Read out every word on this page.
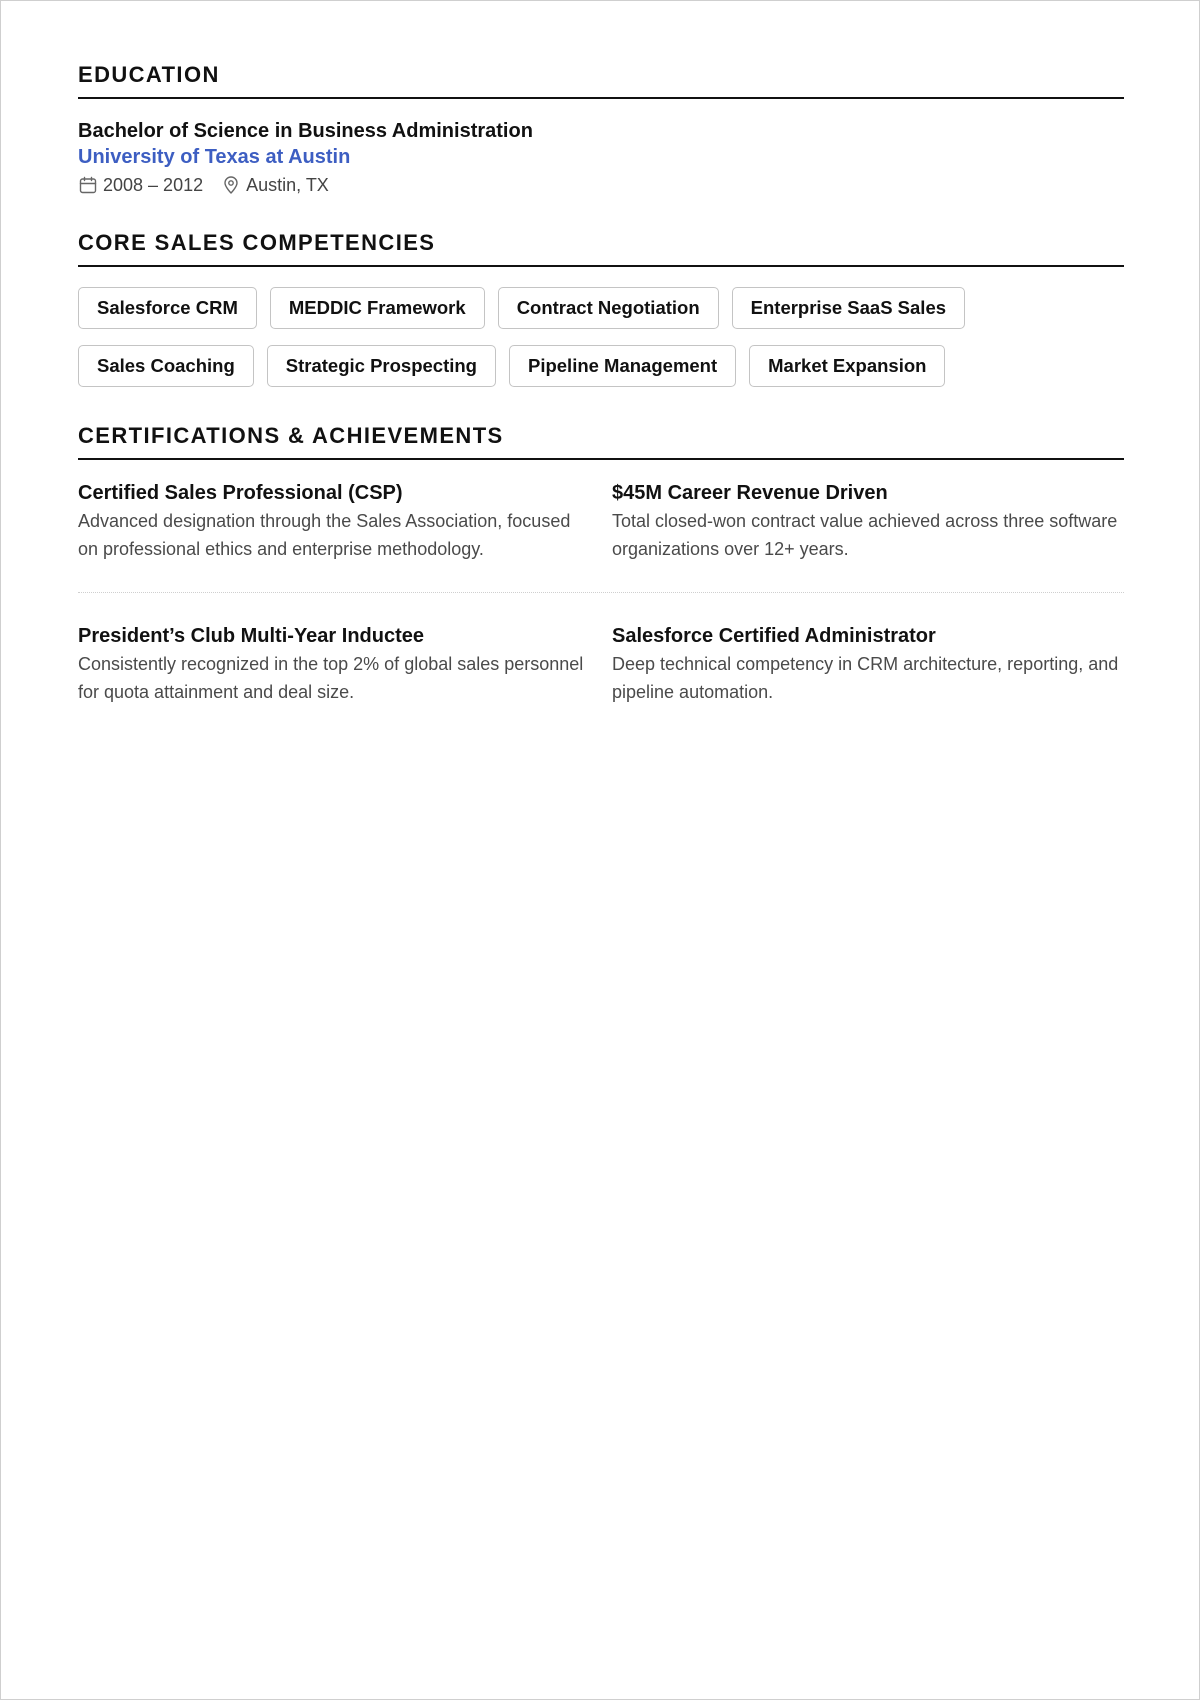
EDUCATION
Bachelor of Science in Business Administration
University of Texas at Austin
2008 – 2012 Austin, TX
CORE SALES COMPETENCIES
Salesforce CRM	MEDDIC Framework	Contract Negotiation	Enterprise SaaS Sales
Sales Coaching	Strategic Prospecting	Pipeline Management	Market Expansion
CERTIFICATIONS & ACHIEVEMENTS
Certified Sales Professional (CSP)
Advanced designation through the Sales Association, focused on professional ethics and enterprise methodology.
$45M Career Revenue Driven
Total closed-won contract value achieved across three software organizations over 12+ years.
President’s Club Multi-Year Inductee
Consistently recognized in the top 2% of global sales personnel for quota attainment and deal size.
Salesforce Certified Administrator
Deep technical competency in CRM architecture, reporting, and pipeline automation.
